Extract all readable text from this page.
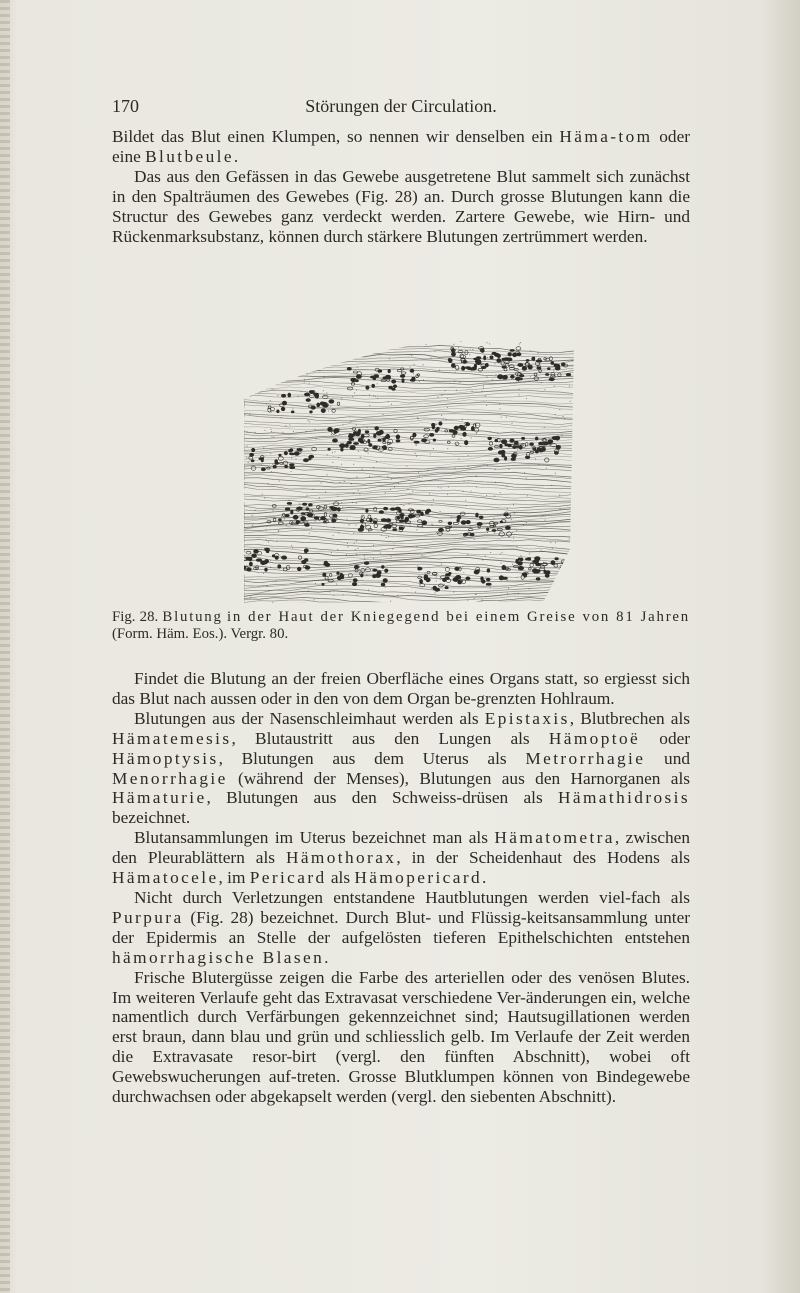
170	Störungen der Circulation.

Bildet das Blut einen Klumpen, so nennen wir denselben ein Häma-tom oder eine Blutbeule.

Das aus den Gefässen in das Gewebe ausgetretene Blut sammelt sich zunächst in den Spalträumen des Gewebes (Fig. 28) an. Durch grosse Blutungen kann die Structur des Gewebes ganz verdeckt werden. Zartere Gewebe, wie Hirn- und Rückenmarksubstanz, können durch stärkere Blutungen zertrümmert werden.

Fig. 28. Blutung in der Haut der Kniegegend bei einem Greise von 81 Jahren (Form. Häm. Eos.). Vergr. 80.

Findet die Blutung an der freien Oberfläche eines Organs statt, so ergiesst sich das Blut nach aussen oder in den von dem Organ be-grenzten Hohlraum.

Blutungen aus der Nasenschleimhaut werden als Epistaxis, Blutbrechen als Hämatemesis, Blutaustritt aus den Lungen als Hämoptoë oder Hämoptysis, Blutungen aus dem Uterus als Metrorrhagie und Menorrhagie (während der Menses), Blutungen aus den Harnorganen als Hämaturie, Blutungen aus den Schweiss-drüsen als Hämathidrosis bezeichnet.

Blutansammlungen im Uterus bezeichnet man als Hämatometra, zwischen den Pleurablättern als Hämothorax, in der Scheidenhaut des Hodens als Hämatocele, im Pericard als Hämopericard.

Nicht durch Verletzungen entstandene Hautblutungen werden viel-fach als Purpura (Fig. 28) bezeichnet. Durch Blut- und Flüssig-keitsansammlung unter der Epidermis an Stelle der aufgelösten tieferen Epithelschichten entstehen hämorrhagische Blasen.

Frische Blutergüsse zeigen die Farbe des arteriellen oder des venösen Blutes. Im weiteren Verlaufe geht das Extravasat verschiedene Ver-änderungen ein, welche namentlich durch Verfärbungen gekennzeichnet sind; Hautsugillationen werden erst braun, dann blau und grün und schliesslich gelb. Im Verlaufe der Zeit werden die Extravasate resor-birt (vergl. den fünften Abschnitt), wobei oft Gewebswucherungen auf-treten. Grosse Blutklumpen können von Bindegewebe durchwachsen oder abgekapselt werden (vergl. den siebenten Abschnitt).
